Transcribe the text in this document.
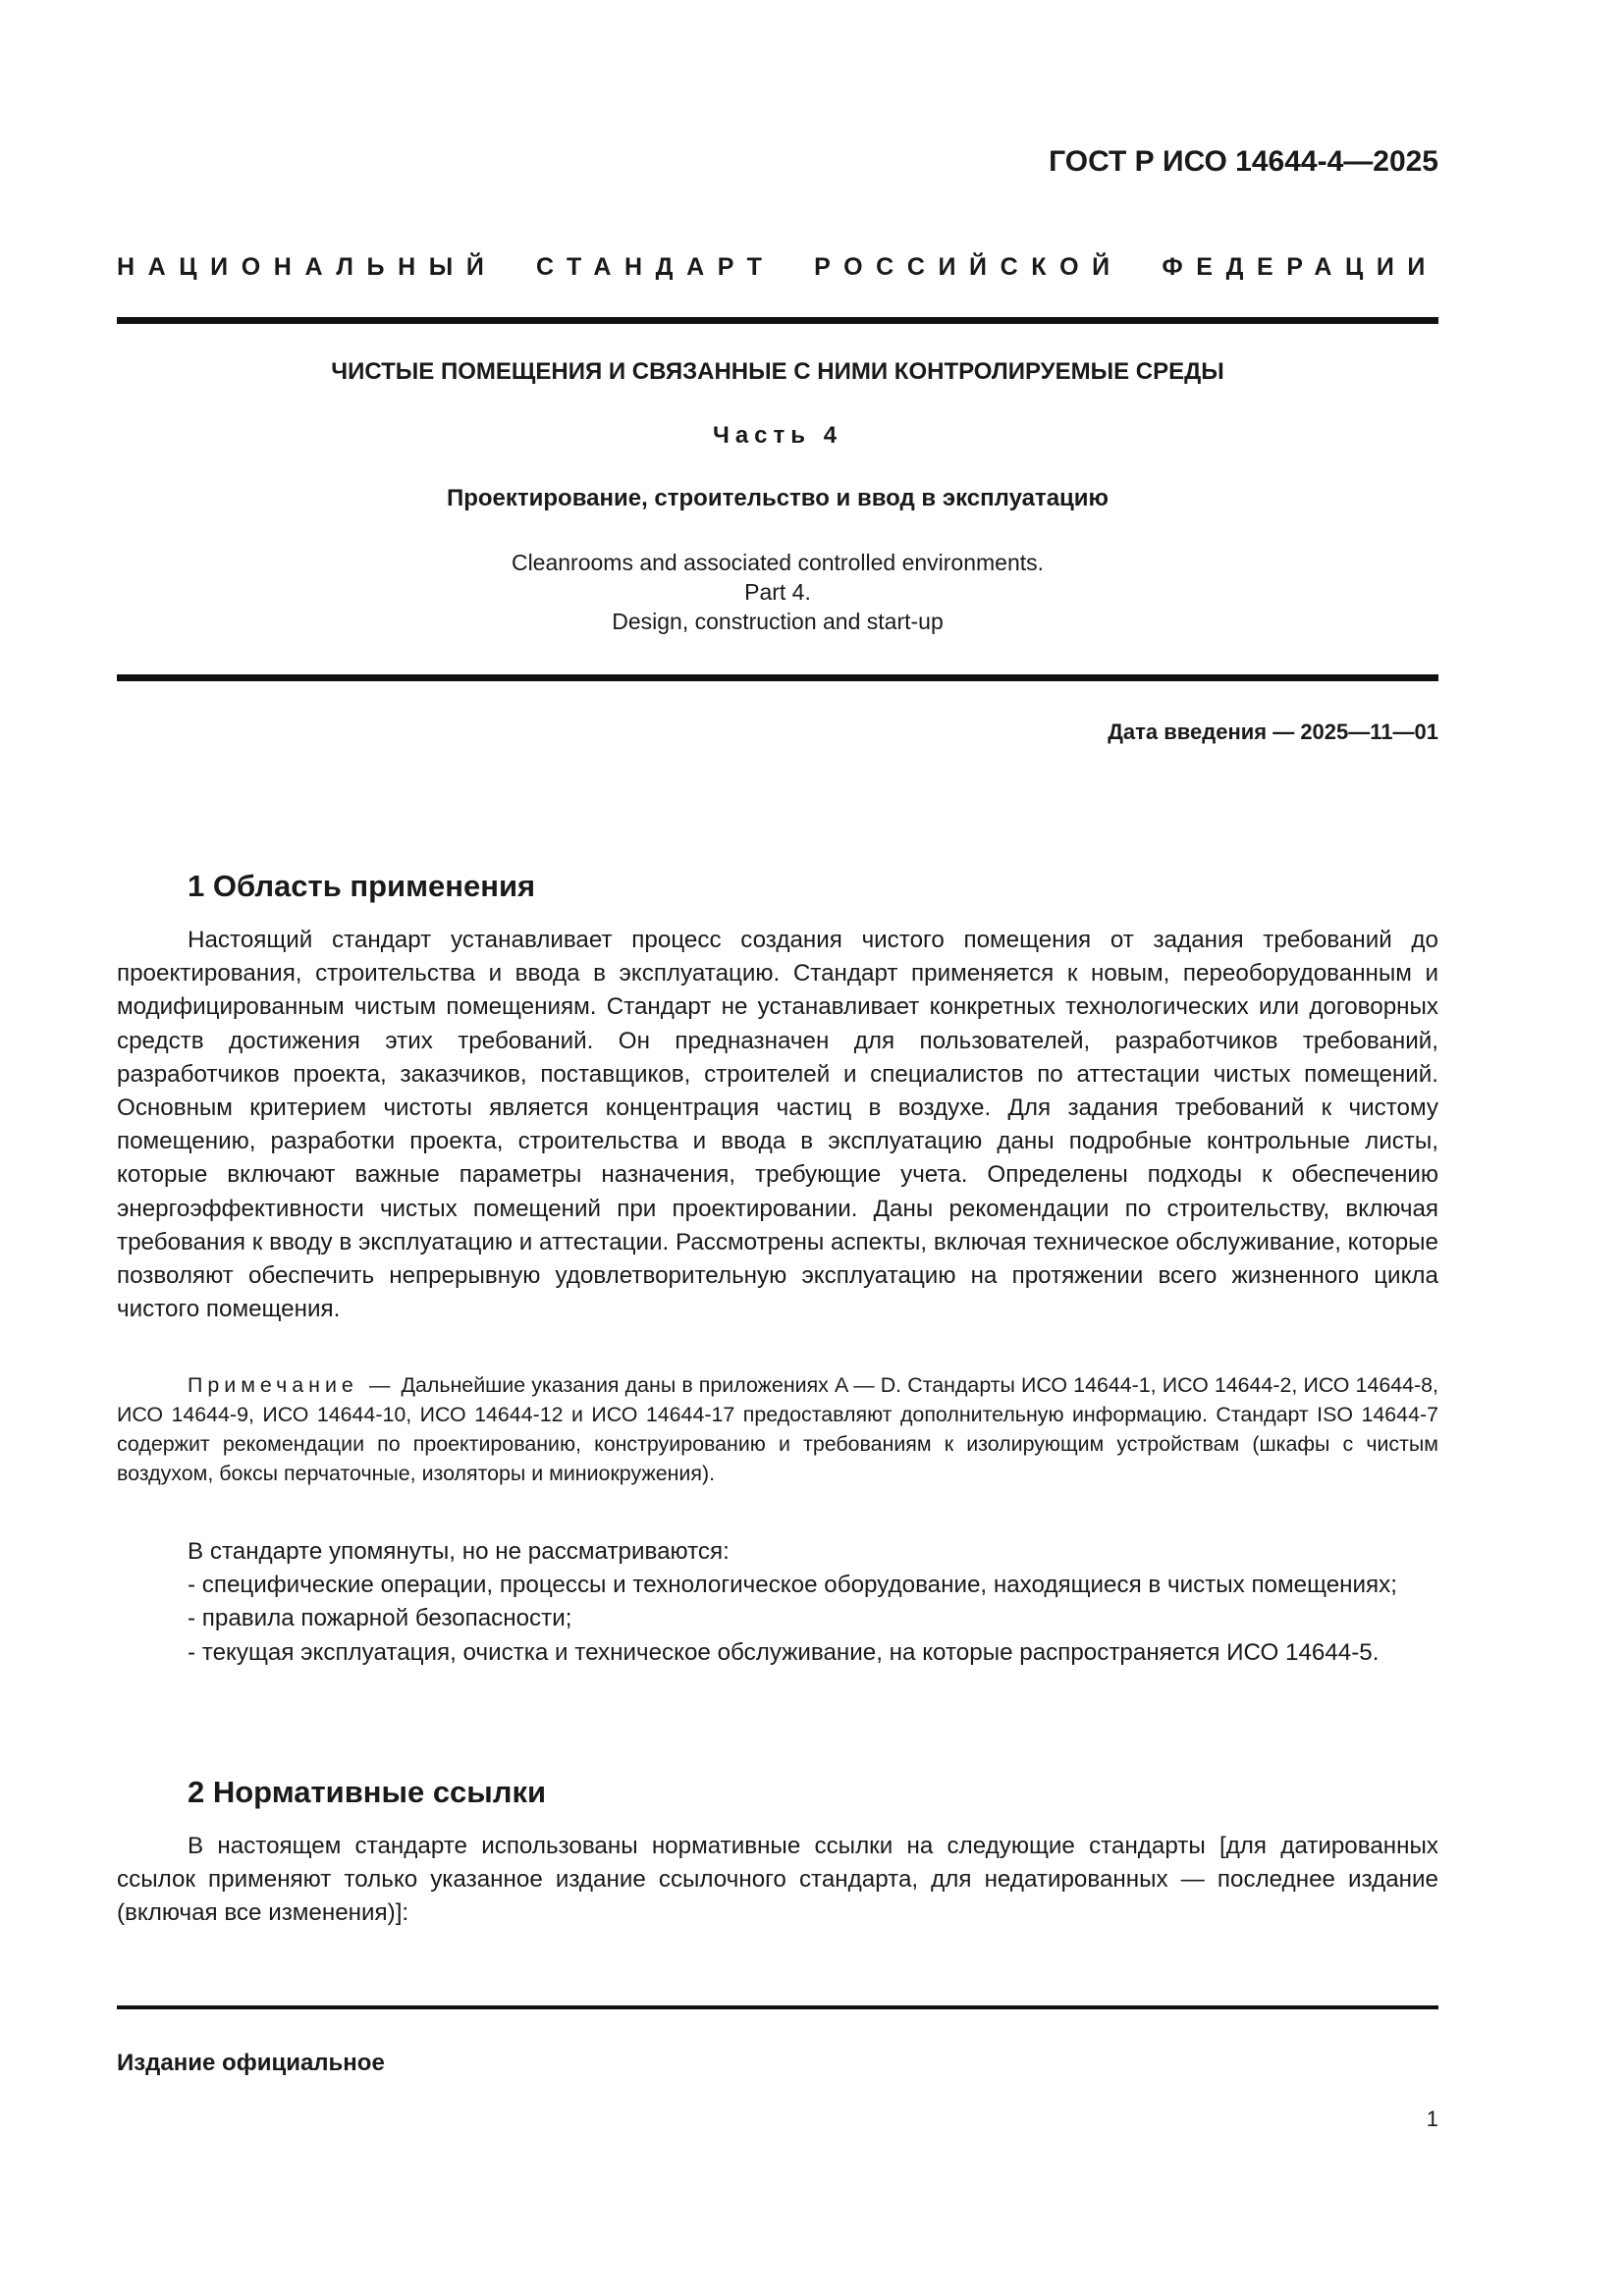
ГОСТ Р ИСО 14644-4—2025
НАЦИОНАЛЬНЫЙ СТАНДАРТ РОССИЙСКОЙ ФЕДЕРАЦИИ
ЧИСТЫЕ ПОМЕЩЕНИЯ И СВЯЗАННЫЕ С НИМИ КОНТРОЛИРУЕМЫЕ СРЕДЫ
Часть 4
Проектирование, строительство и ввод в эксплуатацию
Cleanrooms and associated controlled environments.
Part 4.
Design, construction and start-up
Дата введения — 2025—11—01
1 Область применения

Настоящий стандарт устанавливает процесс создания чистого помещения от задания требований до проектирования, строительства и ввода в эксплуатацию. Стандарт применяется к новым, переоборудованным и модифицированным чистым помещениям. Стандарт не устанавливает конкретных технологических или договорных средств достижения этих требований. Он предназначен для пользователей, разработчиков требований, разработчиков проекта, заказчиков, поставщиков, строителей и специалистов по аттестации чистых помещений. Основным критерием чистоты является концентрация частиц в воздухе. Для задания требований к чистому помещению, разработки проекта, строительства и ввода в эксплуатацию даны подробные контрольные листы, которые включают важные параметры назначения, требующие учета. Определены подходы к обеспечению энергоэффективности чистых помещений при проектировании. Даны рекомендации по строительству, включая требования к вводу в эксплуатацию и аттестации. Рассмотрены аспекты, включая техническое обслуживание, которые позволяют обеспечить непрерывную удовлетворительную эксплуатацию на протяжении всего жизненного цикла чистого помещения.

Примечание — Дальнейшие указания даны в приложениях A — D. Стандарты ИСО 14644-1, ИСО 14644-2, ИСО 14644-8, ИСО 14644-9, ИСО 14644-10, ИСО 14644-12 и ИСО 14644-17 предоставляют дополнительную информацию. Стандарт ISO 14644-7 содержит рекомендации по проектированию, конструированию и требованиям к изолирующим устройствам (шкафы с чистым воздухом, боксы перчаточные, изоляторы и миниокружения).

В стандарте упомянуты, но не рассматриваются:

- специфические операции, процессы и технологическое оборудование, находящиеся в чистых помещениях;

- правила пожарной безопасности;

- текущая эксплуатация, очистка и техническое обслуживание, на которые распространяется ИСО 14644-5.

2 Нормативные ссылки

В настоящем стандарте использованы нормативные ссылки на следующие стандарты [для датированных ссылок применяют только указанное издание ссылочного стандарта, для недатированных — последнее издание (включая все изменения)]:

Издание официальное
1
